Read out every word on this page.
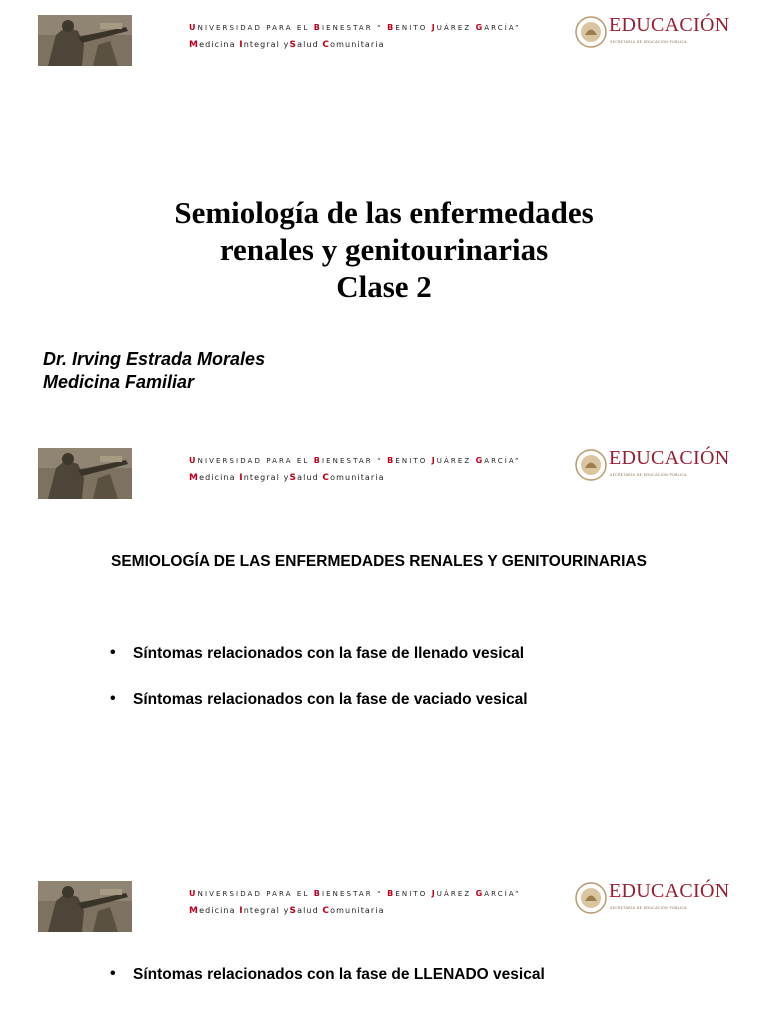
UNIVERSIDAD PARA EL BIENESTAR “ BENITO JUÁREZ GARCÍA”
Medicina Integral ySalud Comunitaria
EDUCACIÓN
SECRETARÍA DE EDUCACIÓN PÚBLICA
Semiología de las enfermedades
renales y genitourinarias
Clase 2
Dr. Irving Estrada Morales
Medicina Familiar
UNIVERSIDAD PARA EL BIENESTAR “ BENITO JUÁREZ GARCÍA”
Medicina Integral ySalud Comunitaria
EDUCACIÓN
SECRETARÍA DE EDUCACIÓN PÚBLICA
SEMIOLOGÍA DE LAS ENFERMEDADES RENALES Y GENITOURINARIAS
• Síntomas relacionados con la fase de llenado vesical
• Síntomas relacionados con la fase de vaciado vesical
UNIVERSIDAD PARA EL BIENESTAR “ BENITO JUÁREZ GARCÍA”
Medicina Integral ySalud Comunitaria
EDUCACIÓN
SECRETARÍA DE EDUCACIÓN PÚBLICA
• Síntomas relacionados con la fase de LLENADO vesical
